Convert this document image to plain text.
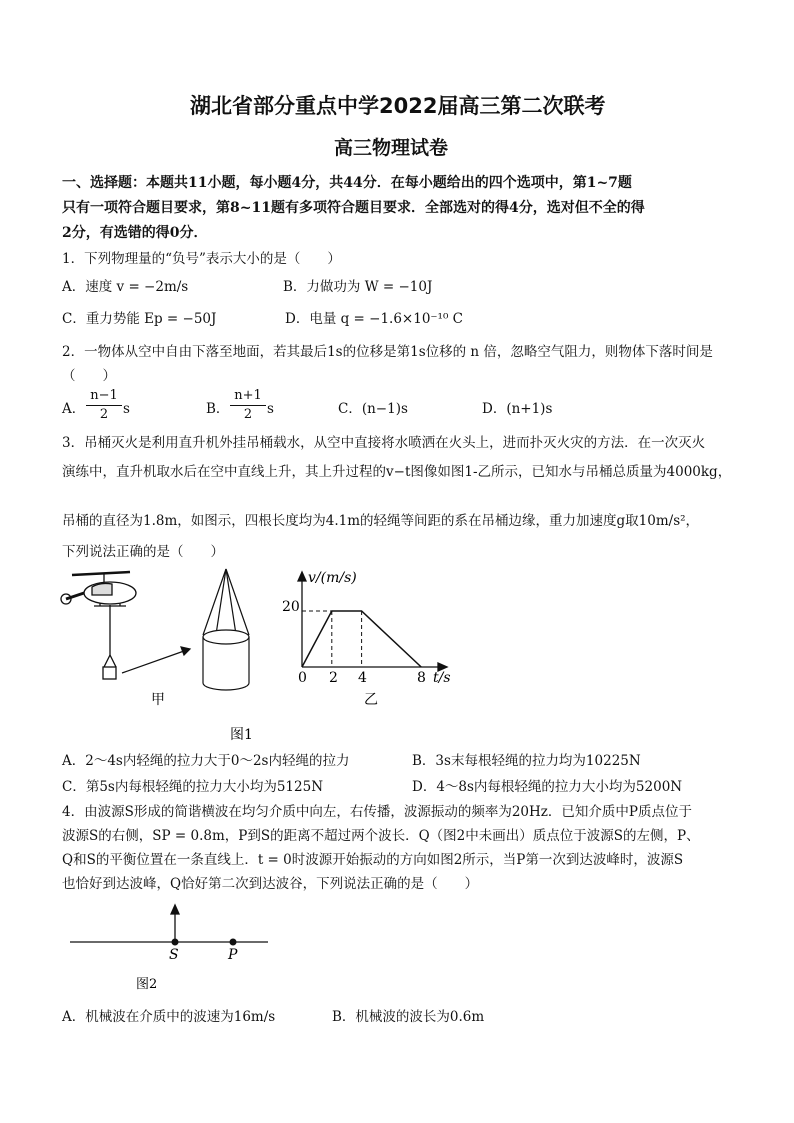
湖北省部分重点中学2022届高三第二次联考
高三物理试卷
一、选择题：本题共11小题，每小题4分，共44分．在每小题给出的四个选项中，第1~7题
只有一项符合题目要求，第8~11题有多项符合题目要求．全部选对的得4分，选对但不全的得
2分，有选错的得0分．
1．下列物理量的“负号”表示大小的是（　　）
A．速度 v = −2m/s	B．力做功为 W = −10J
C．重力势能 Ep = −50J	D．电量 q = −1.6×10⁻¹⁰ C
2．一物体从空中自由下落至地面，若其最后1s的位移是第1s位移的 n 倍，忽略空气阻力，则物体下落时间是
（　　）
A．
n−1
2	s	B．
n+1
2	s	C．(n−1)s	D．(n+1)s
3．吊桶灭火是利用直升机外挂吊桶载水，从空中直接将水喷洒在火头上，进而扑灭火灾的方法．在一次灭火
演练中，直升机取水后在空中直线上升，其上升过程的v−t图像如图1-乙所示，已知水与吊桶总质量为4000kg，
吊桶的直径为1.8m，如图示，四根长度均为4.1m的轻绳等间距的系在吊桶边缘，重力加速度g取10m/s²，
下列说法正确的是（　　）
甲
图1
v/(m/s)
t/s
20
0 2 4	8
乙
A．2～4s内轻绳的拉力大于0～2s内轻绳的拉力	B．3s末每根轻绳的拉力均为10225N
C．第5s内每根轻绳的拉力大小均为5125N	D．4～8s内每根轻绳的拉力大小均为5200N
4．由波源S形成的简谐横波在均匀介质中向左，右传播，波源振动的频率为20Hz．已知介质中P质点位于
波源S的右侧，SP = 0.8m，P到S的距离不超过两个波长．Q（图2中未画出）质点位于波源S的左侧，P、
Q和S的平衡位置在一条直线上．t = 0时波源开始振动的方向如图2所示，当P第一次到达波峰时，波源S
也恰好到达波峰，Q恰好第二次到达波谷，下列说法正确的是（　　）
S	P
图2
A．机械波在介质中的波速为16m/s	B．机械波的波长为0.6m
